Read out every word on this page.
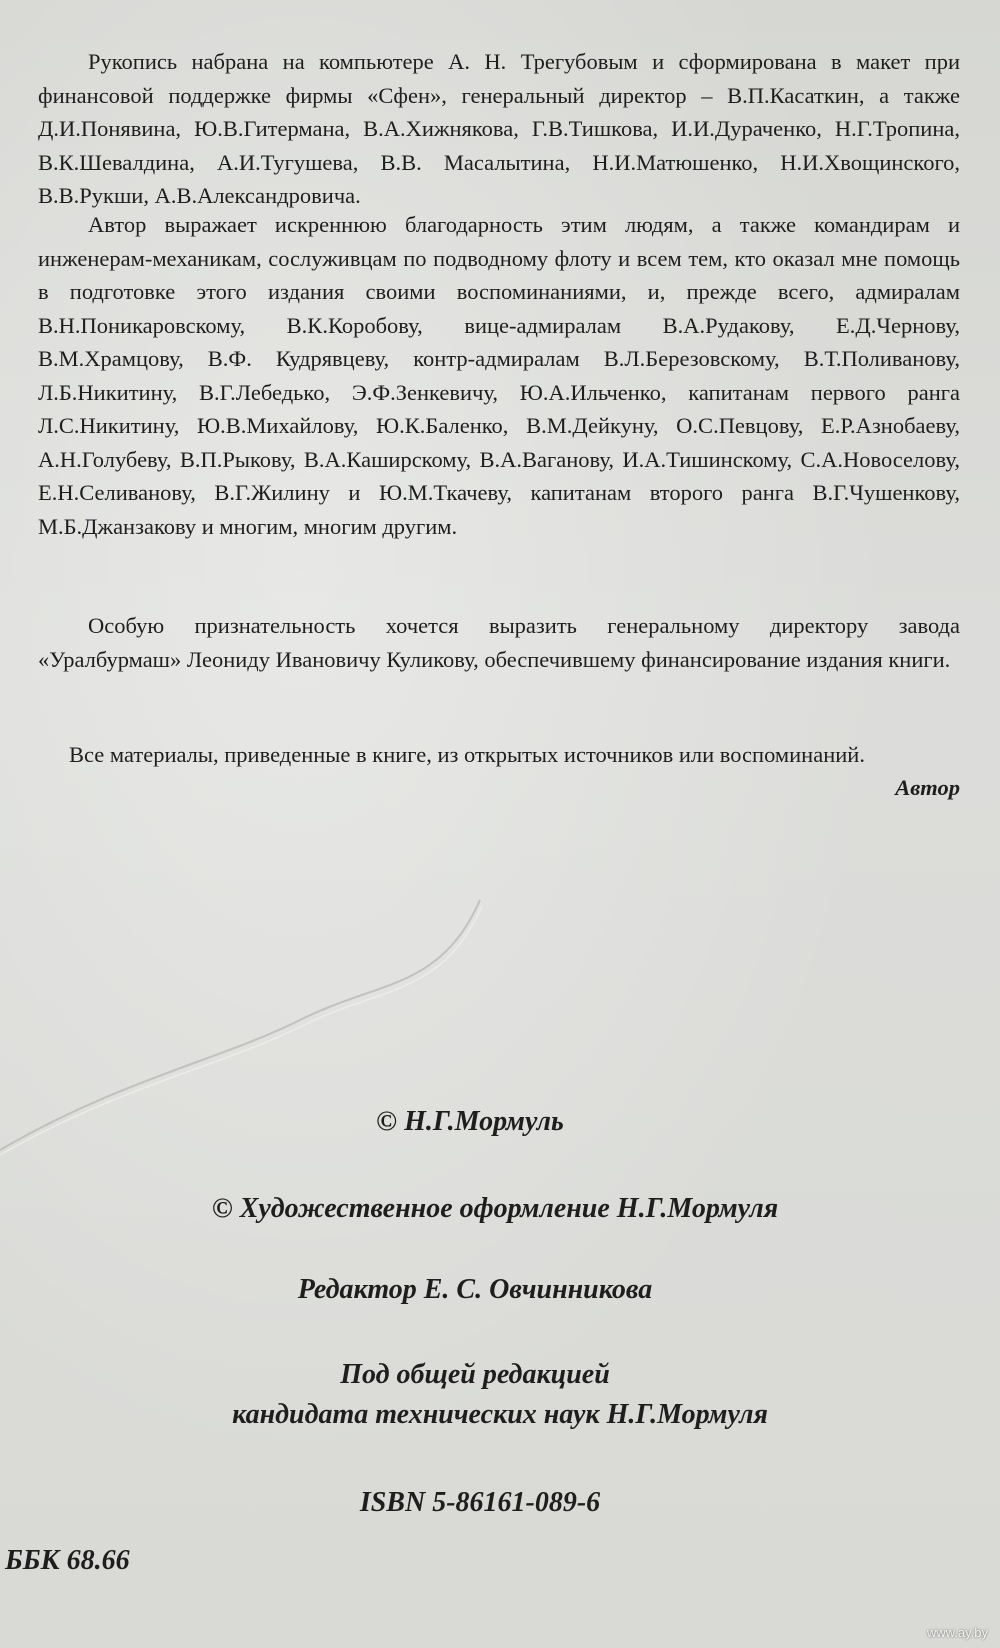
Рукопись набрана на компьютере А. Н. Трегубовым и сформирована в макет при финансовой поддержке фирмы «Сфен», генеральный директор – В.П.Касаткин, а также Д.И.Понявина, Ю.В.Гитермана, В.А.Хижнякова, Г.В.Тишкова, И.И.Дураченко, Н.Г.Тропина, В.К.Шевалдина, А.И.Тугушева, В.В. Масалытина, Н.И.Матюшенко, Н.И.Хвощинского, В.В.Рукши, А.В.Александровича.

Автор выражает искреннюю благодарность этим людям, а также командирам и инженерам-механикам, сослуживцам по подводному флоту и всем тем, кто оказал мне помощь в подготовке этого издания своими воспоминаниями, и, прежде всего, адмиралам В.Н.Поникаровскому, В.К.Коробову, вице-адмиралам В.А.Рудакову, Е.Д.Чернову, В.М.Храмцову, В.Ф. Кудрявцеву, контр-адмиралам В.Л.Березовскому, В.Т.Поливанову, Л.Б.Никитину, В.Г.Лебедько, Э.Ф.Зенкевичу, Ю.А.Ильченко, капитанам первого ранга Л.С.Никитину, Ю.В.Михайлову, Ю.К.Баленко, В.М.Дейкуну, О.С.Певцову, Е.Р.Азнобаеву, А.Н.Голубеву, В.П.Рыкову, В.А.Каширскому, В.А.Ваганову, И.А.Тишинскому, С.А.Новоселову, Е.Н.Селиванову, В.Г.Жилину и Ю.М.Ткачеву, капитанам второго ранга В.Г.Чушенкову, М.Б.Джанзакову и многим, многим другим.

Особую признательность хочется выразить генеральному директору завода «Уралбурмаш» Леониду Ивановичу Куликову, обеспечившему финансирование издания книги.

Все материалы, приведенные в книге, из открытых источников или воспоминаний.

Автор

© Н.Г.Мормуль

© Художественное оформление Н.Г.Мормуля

Редактор Е. С. Овчинникова

Под общей редакцией

кандидата технических наук Н.Г.Мормуля

ISBN 5-86161-089-6

ББК 68.66
www.ay.by
